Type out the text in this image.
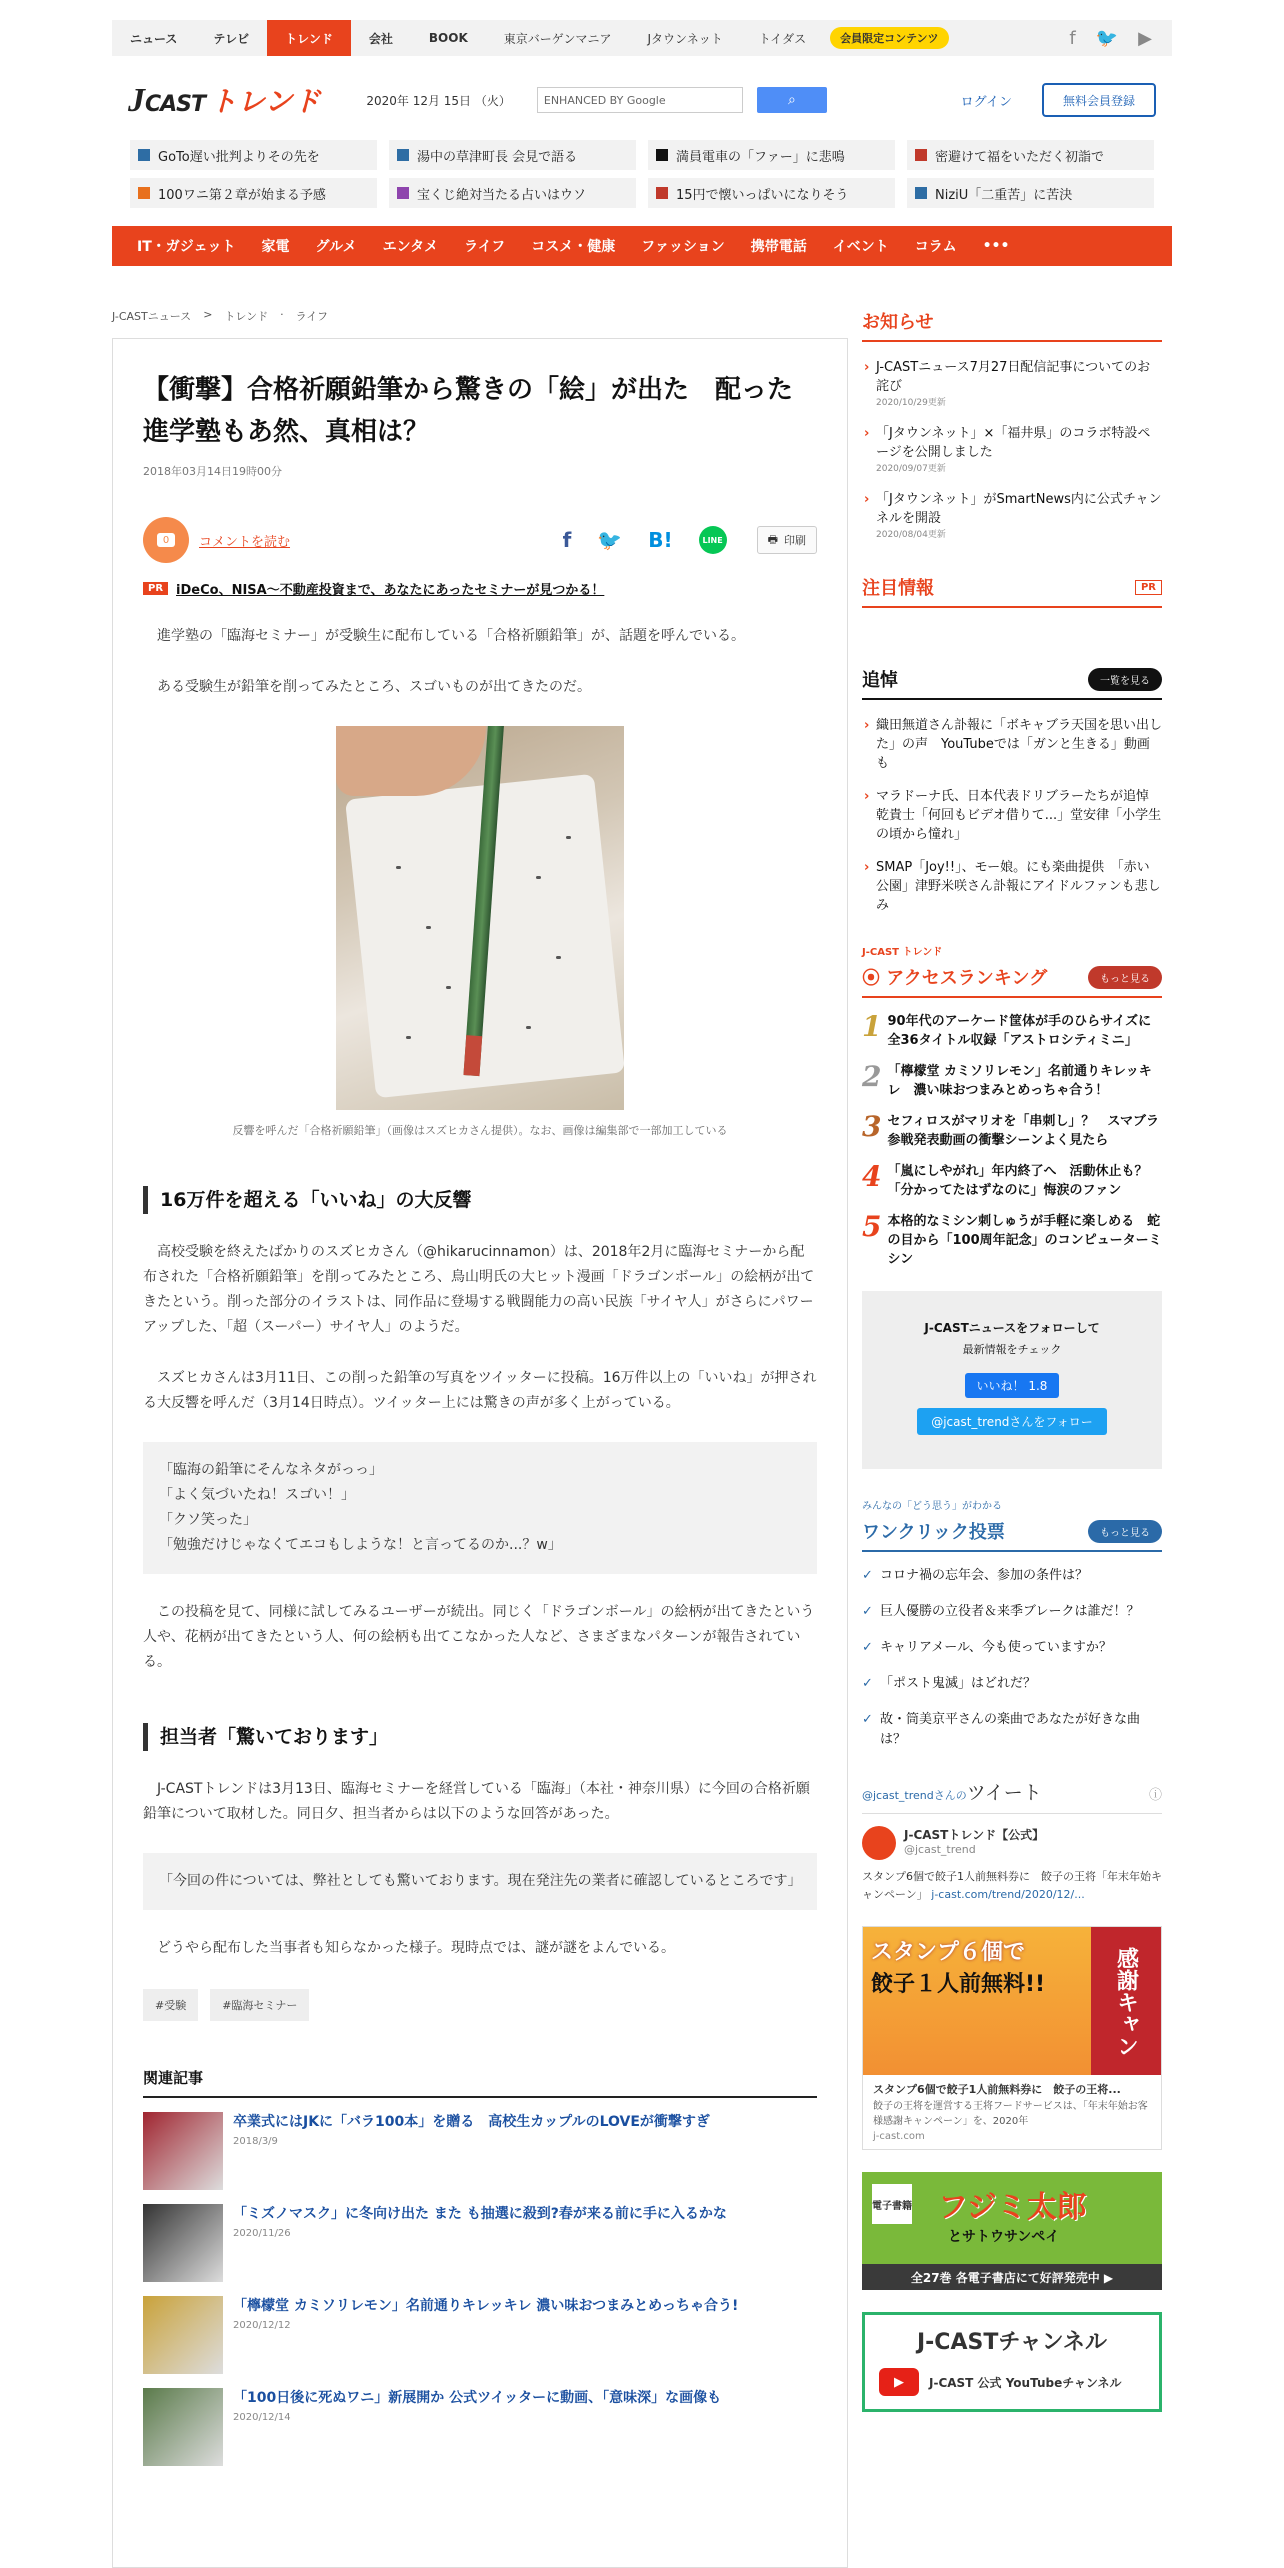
ニュース	テレビ	トレンド	会社	BOOK	東京バーゲンマニア	Jタウンネット	トイダス	会員限定コンテンツ	f 🐦 ▶
J CAST トレンド	2020年 12月 15日 （火）	ENHANCED BY Google	⌕	ログイン	無料会員登録
GoTo遅い批判よりその先を	湯中の草津町長 会見で語る	満員電車の「ファー」に悲鳴	密避けて福をいただく初詣で
100ワニ第２章が始まる予感	宝くじ絶対当たる占いはウソ	15円で懐いっぱいになりそう	NiziU「二重苦」に苦決
IT・ガジェット	家電	グルメ	エンタメ	ライフ	コスメ・健康	ファッション	携帯電話	イベント	コラム	•••
J-CASTニュース > トレンド · ライフ
【衝撃】合格祈願鉛筆から驚きの「絵」が出た　配った進学塾もあ然、真相は？
2018年03月14日19時00分
0	コメントを読む	f 🐦 B!	LINE	🖶 印刷
PR	iDeCo、NISA～不動産投資まで、あなたにあったセミナーが見つかる！

進学塾の「臨海セミナー」が受験生に配布している「合格祈願鉛筆」が、話題を呼んでいる。

ある受験生が鉛筆を削ってみたところ、スゴいものが出てきたのだ。

反響を呼んだ「合格祈願鉛筆」（画像はスズヒカさん提供）。なお、画像は編集部で一部加工している
16万件を超える「いいね」の大反響

高校受験を終えたばかりのスズヒカさん（@hikarucinnamon）は、2018年2月に臨海セミナーから配布された「合格祈願鉛筆」を削ってみたところ、鳥山明氏の大ヒット漫画「ドラゴンボール」の絵柄が出てきたという。削った部分のイラストは、同作品に登場する戦闘能力の高い民族「サイヤ人」がさらにパワーアップした、「超（スーパー）サイヤ人」のようだ。

スズヒカさんは3月11日、この削った鉛筆の写真をツイッターに投稿。16万件以上の「いいね」が押される大反響を呼んだ（3月14日時点）。ツイッター上には驚きの声が多く上がっている。

「臨海の鉛筆にそんなネタがっっ」
「よく気づいたね！スゴい！」
「クソ笑った」
「勉強だけじゃなくてエコもしような！と言ってるのか...？w」

この投稿を見て、同様に試してみるユーザーが続出。同じく「ドラゴンボール」の絵柄が出てきたという人や、花柄が出てきたという人、何の絵柄も出てこなかった人など、さまざまなパターンが報告されている。

担当者「驚いております」

J-CASTトレンドは3月13日、臨海セミナーを経営している「臨海」（本社・神奈川県）に今回の合格祈願鉛筆について取材した。同日夕、担当者からは以下のような回答があった。

「今回の件については、弊社としても驚いております。現在発注先の業者に確認しているところです」

どうやら配布した当事者も知らなかった様子。現時点では、謎が謎をよんでいる。

#受験	#臨海セミナー
関連記事
卒業式にはJKに「バラ100本」を贈る　高校生カップルのLOVEが衝撃すぎ
2018/3/9
「ミズノマスク」に冬向け出た また も抽選に殺到?春が来る前に手に入るかな
2020/11/26
「檸檬堂 カミソリレモン」名前通りキレッキレ 濃い味おつまみとめっちゃ合う!
2020/12/12
「100日後に死ぬワニ」新展開か 公式ツイッターに動画、「意味深」な画像も
2020/12/14
お知らせ
› J-CASTニュース7月27日配信記事についてのお詫び
2020/10/29更新
› 「Jタウンネット」×「福井県」のコラボ特設ページを公開しました
2020/09/07更新
› 「Jタウンネット」がSmartNews内に公式チャンネルを開設
2020/08/04更新
注目情報	PR
追悼	一覧を見る
› 織田無道さん訃報に「ボキャブラ天国を思い出した」の声　YouTubeでは「ガンと生きる」動画も
› マラドーナ氏、日本代表ドリブラーたちが追悼　乾貴士「何回もビデオ借りて...」堂安律「小学生の頃から憧れ」
› SMAP「Joy!!」、モー娘。にも楽曲提供　「赤い公園」津野米咲さん訃報にアイドルファンも悲しみ
J-CAST トレンド
⦿ アクセスランキング	もっと見る
1 90年代のアーケード筐体が手のひらサイズに　全36タイトル収録「アストロシティミニ」
2 「檸檬堂 カミソリレモン」名前通りキレッキレ　濃い味おつまみとめっちゃ合う！
3 セフィロスがマリオを「串刺し」？　スマブラ参戦発表動画の衝撃シーンよく見たら
4 「嵐にしやがれ」年内終了へ　活動休止も？「分かってたはずなのに」悔涙のファン
5 本格的なミシン刺しゅうが手軽に楽しめる　蛇の目から「100周年記念」のコンピューターミシン
J-CASTニュースをフォローして
最新情報をチェック
いいね！ 1.8
@jcast_trendさんをフォロー
みんなの「どう思う」がわかる
ワンクリック投票	もっと見る
✓ コロナ禍の忘年会、参加の条件は？
✓ 巨人優勝の立役者＆来季ブレークは誰だ！？
✓ キャリアメール、今も使っていますか？
✓ 「ポスト鬼滅」はどれだ？
✓ 故・筒美京平さんの楽曲であなたが好きな曲は？
@jcast_trendさんのツイート	ⓘ
J-CASTトレンド【公式】
@jcast_trend
スタンプ6個で餃子1人前無料券に　餃子の王将「年末年始キャンペーン」 j-cast.com/trend/2020/12/...
スタンプ６個で
餃子１人前無料!!	感謝キャン
スタンプ6個で餃子1人前無料券に　餃子の王将...
餃子の王将を運営する王将フードサービスは、「年末年始お客様感謝キャンペーン」を、2020年
j-cast.com
電子書籍 フジミ太郎
とサトウサンペイ
全27巻 各電子書店にて好評発売中 ▶
J-CASTチャンネル
▶	J-CAST 公式 YouTubeチャンネル
